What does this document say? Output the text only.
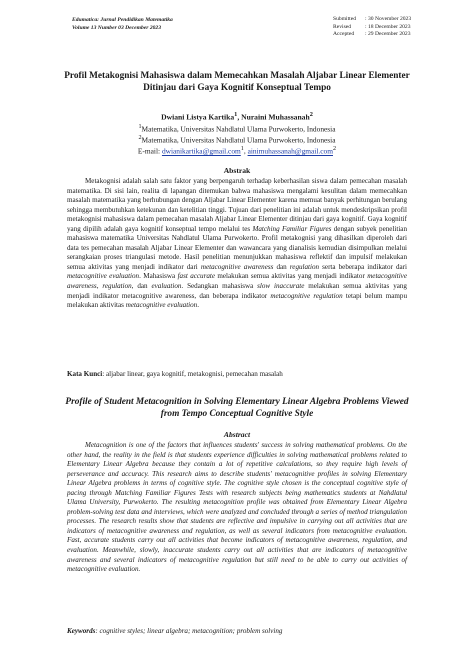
Edumatica: Jurnal Pendidikan Matematika
Volume 13 Number 03 December 2023
Submitted	: 30 November 2023
Revised	: 18 December 2023
Accepted	: 29 December 2023
Profil Metakognisi Mahasiswa dalam Memecahkan Masalah Aljabar Linear Elementer Ditinjau dari Gaya Kognitif Konseptual Tempo
Dwiani Listya Kartika$^1$, Nuraini Muhassanah$^2$
$^1$Matematika, Universitas Nahdlatul Ulama Purwokerto, Indonesia
$^2$Matematika, Universitas Nahdlatul Ulama Purwokerto, Indonesia
E-mail: dwianikartika@gmail.com$^1$, ainimuhassanah@gmail.com$^2$
Abstrak
Metakognisi adalah salah satu faktor yang berpengaruh terhadap keberhasilan siswa dalam pemecahan masalah matematika. Di sisi lain, realita di lapangan ditemukan bahwa mahasiswa mengalami kesulitan dalam memecahkan masalah matematika yang berhubungan dengan Aljabar Linear Elementer karena memuat banyak perhitungan berulang sehingga membutuhkan ketekunan dan ketelitian tinggi. Tujuan dari penelitian ini adalah untuk mendeskripsikan profil metakognisi mahasiswa dalam pemecahan masalah Aljabar Linear Elementer ditinjau dari gaya kognitif. Gaya kognitif yang dipilih adalah gaya kognitif konseptual tempo melalui tes Matching Familiar Figures dengan subyek penelitian mahasiswa matematika Universitas Nahdlatul Ulama Purwokerto. Profil metakognisi yang dihasilkan diperoleh dari data tes pemecahan masalah Aljabar Linear Elementer dan wawancara yang dianalisis kemudian disimpulkan melalui serangkaian proses triangulasi metode. Hasil penelitian menunjukkan mahasiswa reflektif dan impulsif melakukan semua aktivitas yang menjadi indikator dari metacognitive awareness dan regulation serta beberapa indikator dari metacognitive evaluation. Mahasiswa fast accurate melakukan semua aktivitas yang menjadi indikator metacognitive awareness, regulation, dan evaluation. Sedangkan mahasiswa slow inaccurate melakukan semua aktivitas yang menjadi indikator metacognitive awareness, dan beberapa indikator metacognitive regulation tetapi belum mampu melakukan aktivitas metacognitive evaluation.
Kata Kunci: aljabar linear, gaya kognitif, metakognisi, pemecahan masalah
Profile of Student Metacognition in Solving Elementary Linear Algebra Problems Viewed from Tempo Conceptual Cognitive Style
Abstract
Metacognition is one of the factors that influences students' success in solving mathematical problems. On the other hand, the reality in the field is that students experience difficulties in solving mathematical problems related to Elementary Linear Algebra because they contain a lot of repetitive calculations, so they require high levels of perseverance and accuracy. This research aims to describe students' metacognitive profiles in solving Elementary Linear Algebra problems in terms of cognitive style. The cognitive style chosen is the conceptual cognitive style of pacing through Matching Familiar Figures Tests with research subjects being mathematics students at Nahdlatul Ulama University, Purwokerto. The resulting metacognition profile was obtained from Elementary Linear Algebra problem-solving test data and interviews, which were analyzed and concluded through a series of method triangulation processes. The research results show that students are reflective and impulsive in carrying out all activities that are indicators of metacognitive awareness and regulation, as well as several indicators from metacognitive evaluation. Fast, accurate students carry out all activities that become indicators of metacognitive awareness, regulation, and evaluation. Meanwhile, slowly, inaccurate students carry out all activities that are indicators of metacognitive awareness and several indicators of metacognitive regulation but still need to be able to carry out activities of metacognitive evaluation.
Keywords: cognitive styles; linear algebra; metacognition; problem solving
